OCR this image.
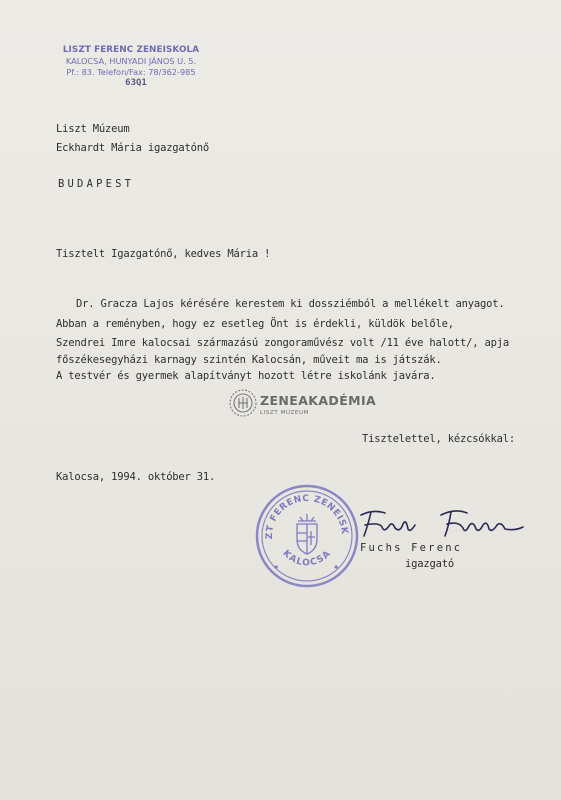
LISZT FERENC ZENEISKOLA
KALOCSA, HUNYADI JÁNOS U. 5.
Pf.: 83. Telefon/Fax: 78/362-985
63Q1
Liszt Múzeum
Eckhardt Mária igazgatónő
BUDAPEST
Tisztelt Igazgatónő, kedves Mária !
Dr. Gracza Lajos kérésére kerestem ki dossziémból a mellékelt anyagot.
Abban a reményben, hogy ez esetleg Önt is érdekli, küldök belőle,
Szendrei Imre kalocsai származású zongoraművész volt /11 éve halott/, apja
főszékesegyházi karnagy szintén Kalocsán, műveit ma is játszák.
A testvér és gyermek alapítványt hozott létre iskolánk javára.
ZENEAKADÉMIA
LISZT MÚZEUM
Tisztelettel, kézcsókkal:
Kalocsa, 1994. október 31.
ZT FERENC ZENEISK
KALOCSA
✱	✱
Fuchs Ferenc
igazgató
